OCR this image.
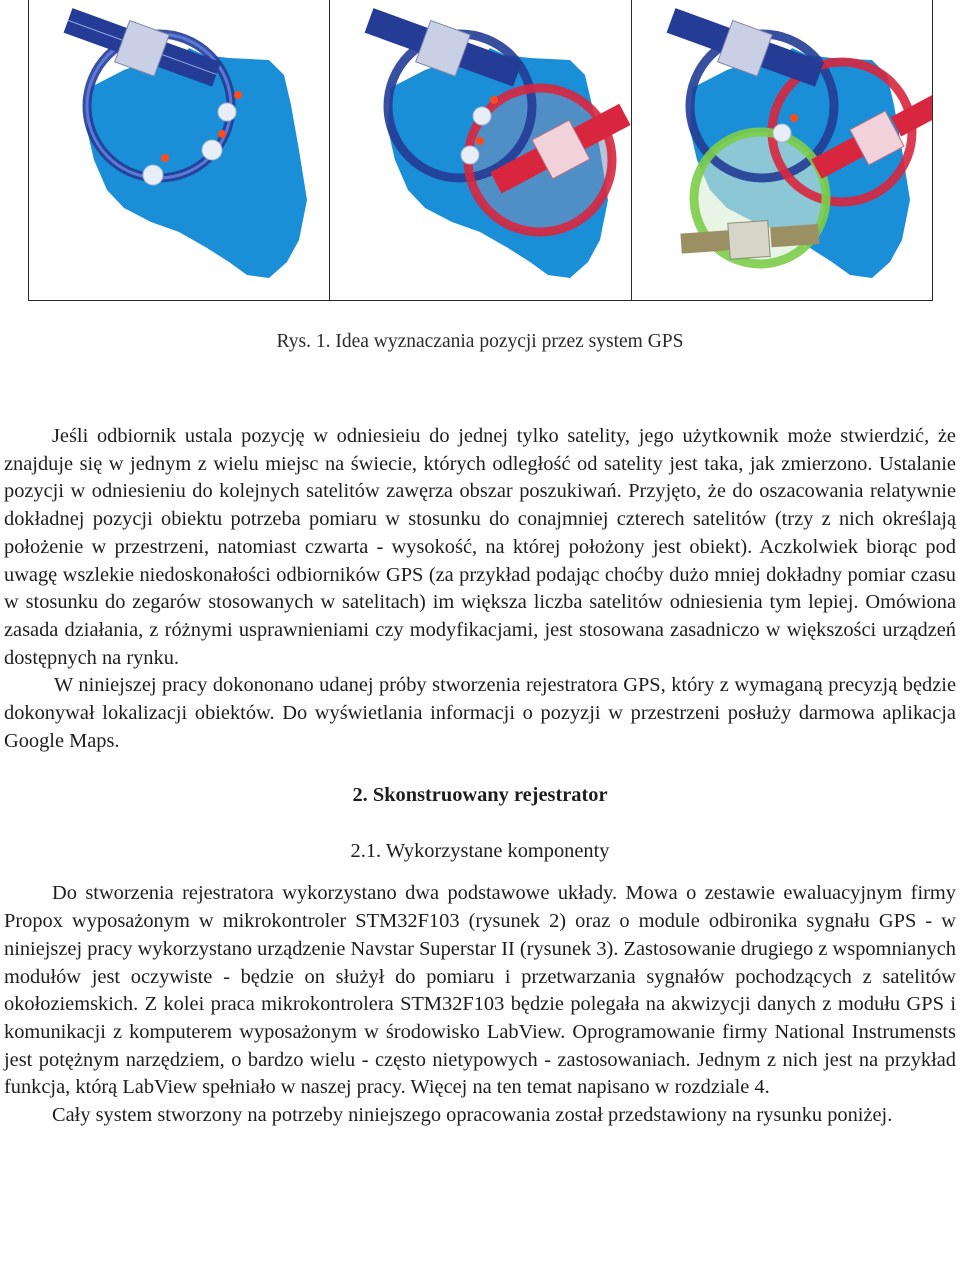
Rys. 1. Idea wyznaczania pozycji przez system GPS

Jeśli odbiornik ustala pozycję w odniesieiu do jednej tylko satelity, jego użytkownik może stwierdzić, że znajduje się w jednym z wielu miejsc na świecie, których odległość od satelity jest taka, jak zmierzono. Ustalanie pozycji w odniesieniu do kolejnych satelitów zawęrza obszar poszukiwań. Przyjęto, że do oszacowania relatywnie dokładnej pozycji obiektu potrzeba pomiaru w stosunku do conajmniej czterech satelitów (trzy z nich określają położenie w przestrzeni, natomiast czwarta - wysokość, na której położony jest obiekt). Aczkolwiek biorąc pod uwagę wszlekie niedoskonałości odbiorników GPS (za przykład podając choćby dużo mniej dokładny pomiar czasu w stosunku do zegarów stosowanych w satelitach) im większa liczba satelitów odniesienia tym lepiej. Omówiona zasada działania, z różnymi usprawnieniami czy modyfikacjami, jest stosowana zasadniczo w większości urządzeń dostępnych na rynku.

W niniejszej pracy dokononano udanej próby stworzenia rejestratora GPS, który z wymaganą precyzją będzie dokonywał lokalizacji obiektów. Do wyświetlania informacji o pozyzji w przestrzeni posłuży darmowa aplikacja Google Maps.

2. Skonstruowany rejestrator
2.1. Wykorzystane komponenty

Do stworzenia rejestratora wykorzystano dwa podstawowe układy. Mowa o zestawie ewaluacyjnym firmy Propox wyposażonym w mikrokontroler STM32F103 (rysunek 2) oraz o module odbironika sygnału GPS - w niniejszej pracy wykorzystano urządzenie Navstar Superstar II (rysunek 3). Zastosowanie drugiego z wspomnianych modułów jest oczywiste - będzie on służył do pomiaru i przetwarzania sygnałów pochodzących z satelitów okołoziemskich. Z kolei praca mikrokontrolera STM32F103 będzie polegała na akwizycji danych z modułu GPS i komunikacji z komputerem wyposażonym w środowisko LabView. Oprogramowanie firmy National Instrumensts jest potężnym narzędziem, o bardzo wielu - często nietypowych - zastosowaniach. Jednym z nich jest na przykład funkcja, którą LabView spełniało w naszej pracy. Więcej na ten temat napisano w rozdziale 4.

Cały system stworzony na potrzeby niniejszego opracowania został przedstawiony na rysunku poniżej.
